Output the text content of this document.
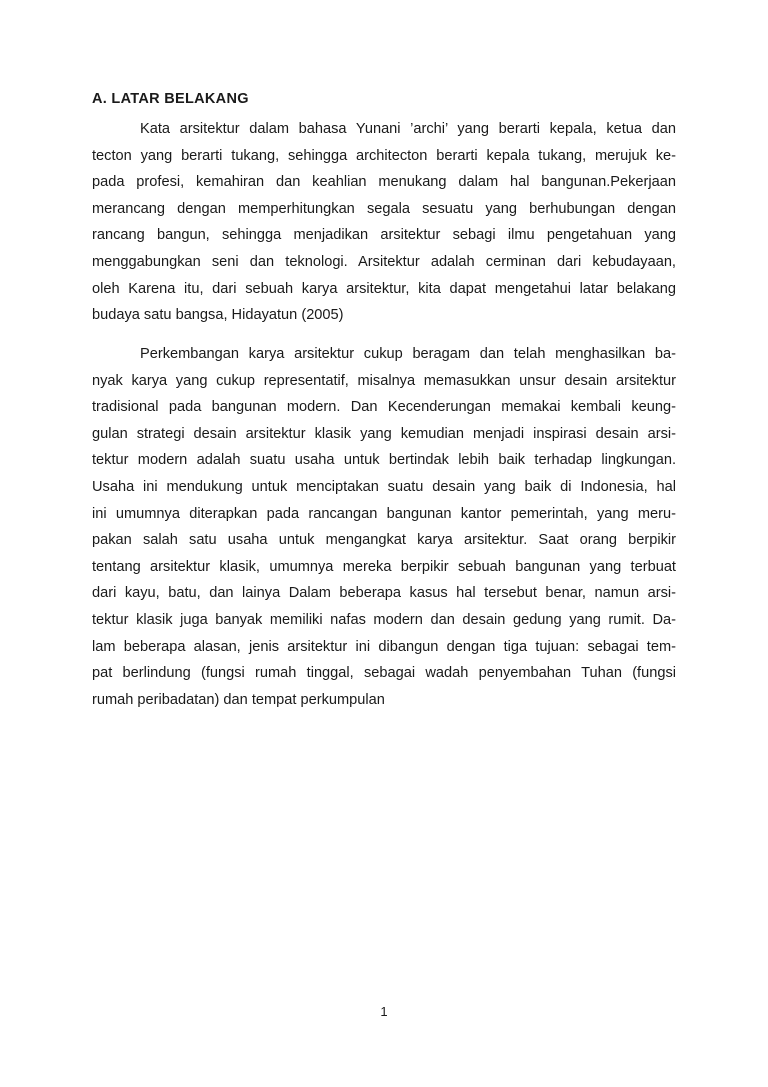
A. LATAR BELAKANG

Kata arsitektur dalam bahasa Yunani ’archi’ yang berarti kepala, ketua dan
tecton yang berarti tukang, sehingga architecton berarti kepala tukang, merujuk ke-
pada profesi, kemahiran dan keahlian menukang dalam hal bangunan.Pekerjaan
merancang dengan memperhitungkan segala sesuatu yang berhubungan dengan
rancang bangun, sehingga menjadikan arsitektur sebagi ilmu pengetahuan yang
menggabungkan seni dan teknologi. Arsitektur adalah cerminan dari kebudayaan,
oleh Karena itu, dari sebuah karya arsitektur, kita dapat mengetahui latar belakang
budaya satu bangsa, Hidayatun (2005)

Perkembangan karya arsitektur cukup beragam dan telah menghasilkan ba-
nyak karya yang cukup representatif, misalnya memasukkan unsur desain arsitektur
tradisional pada bangunan modern. Dan Kecenderungan memakai kembali keung-
gulan strategi desain arsitektur klasik yang kemudian menjadi inspirasi desain arsi-
tektur modern adalah suatu usaha untuk bertindak lebih baik terhadap lingkungan.
Usaha ini mendukung untuk menciptakan suatu desain yang baik di Indonesia, hal
ini umumnya diterapkan pada rancangan bangunan kantor pemerintah, yang meru-
pakan salah satu usaha untuk mengangkat karya arsitektur. Saat orang berpikir
tentang arsitektur klasik, umumnya mereka berpikir sebuah bangunan yang terbuat
dari kayu, batu, dan lainya Dalam beberapa kasus hal tersebut benar, namun arsi-
tektur klasik juga banyak memiliki nafas modern dan desain gedung yang rumit. Da-
lam beberapa alasan, jenis arsitektur ini dibangun dengan tiga tujuan: sebagai tem-
pat berlindung (fungsi rumah tinggal, sebagai wadah penyembahan Tuhan (fungsi
rumah peribadatan) dan tempat perkumpulan

1
